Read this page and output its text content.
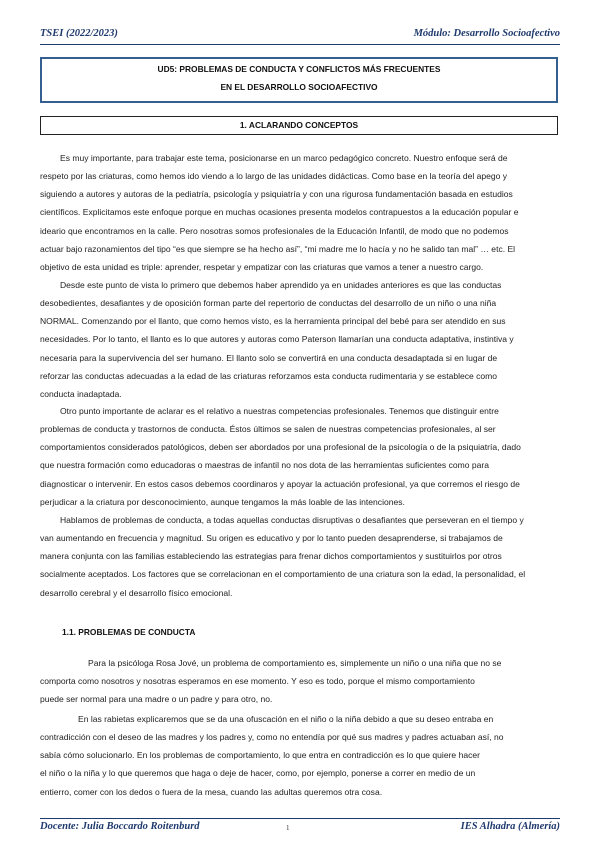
TSEI (2022/2023)	Módulo: Desarrollo Socioafectivo
UD5: PROBLEMAS DE CONDUCTA Y CONFLICTOS MÁS FRECUENTES
EN EL DESARROLLO SOCIOAFECTIVO
1. ACLARANDO CONCEPTOS
Es muy importante, para trabajar este tema, posicionarse en un marco pedagógico concreto. Nuestro enfoque será de
respeto por las criaturas, como hemos ido viendo a lo largo de las unidades didácticas. Como base en la teoría del apego y
siguiendo a autores y autoras de la pediatría, psicología y psiquiatría y con una rigurosa fundamentación basada en estudios
científicos. Explicitamos este enfoque porque en muchas ocasiones presenta modelos contrapuestos a la educación popular e
ideario que encontramos en la calle. Pero nosotras somos profesionales de la Educación Infantil, de modo que no podemos
actuar bajo razonamientos del tipo “es que siempre se ha hecho así”, “mi madre me lo hacía y no he salido tan mal” … etc. El
objetivo de esta unidad es triple: aprender, respetar y empatizar con las criaturas que vamos a tener a nuestro cargo.
Desde este punto de vista lo primero que debemos haber aprendido ya en unidades anteriores es que las conductas
desobedientes, desafiantes y de oposición forman parte del repertorio de conductas del desarrollo de un niño o una niña
NORMAL. Comenzando por el llanto, que como hemos visto, es la herramienta principal del bebé para ser atendido en sus
necesidades. Por lo tanto, el llanto es lo que autores y autoras como Paterson llamarían una conducta adaptativa, instintiva y
necesaria para la supervivencia del ser humano. El llanto solo se convertirá en una conducta desadaptada si en lugar de
reforzar las conductas adecuadas a la edad de las criaturas reforzamos esta conducta rudimentaria y se establece como
conducta inadaptada.
Otro punto importante de aclarar es el relativo a nuestras competencias profesionales. Tenemos que distinguir entre
problemas de conducta y trastornos de conducta. Éstos últimos se salen de nuestras competencias profesionales, al ser
comportamientos considerados patológicos, deben ser abordados por una profesional de la psicología o de la psiquiatría, dado
que nuestra formación como educadoras o maestras de infantil no nos dota de las herramientas suficientes como para
diagnosticar o intervenir. En estos casos debemos coordinaros y apoyar la actuación profesional, ya que corremos el riesgo de
perjudicar a la criatura por desconocimiento, aunque tengamos la más loable de las intenciones.
Hablamos de problemas de conducta, a todas aquellas conductas disruptivas o desafiantes que perseveran en el tiempo y
van aumentando en frecuencia y magnitud. Su origen es educativo y por lo tanto pueden desaprenderse, si trabajamos de
manera conjunta con las familias estableciendo las estrategias para frenar dichos comportamientos y sustituirlos por otros
socialmente aceptados. Los factores que se correlacionan en el comportamiento de una criatura son la edad, la personalidad, el
desarrollo cerebral y el desarrollo físico emocional.
1.1. PROBLEMAS DE CONDUCTA
Para la psicóloga Rosa Jové, un problema de comportamiento es, simplemente un niño o una niña que no se
comporta como nosotros y nosotras esperamos en ese momento. Y eso es todo, porque el mismo comportamiento
puede ser normal para una madre o un padre y para otro, no.
En las rabietas explicaremos que se da una ofuscación en el niño o la niña debido a que su deseo entraba en
contradicción con el deseo de las madres y los padres y, como no entendía por qué sus madres y padres actuaban así, no
sabía cómo solucionarlo. En los problemas de comportamiento, lo que entra en contradicción es lo que quiere hacer
el niño o la niña y lo que queremos que haga o deje de hacer, como, por ejemplo, ponerse a correr en medio de un
entierro, comer con los dedos o fuera de la mesa, cuando las adultas queremos otra cosa.
Docente: Julia Boccardo Roitenburd	1	IES Alhadra (Almería)
